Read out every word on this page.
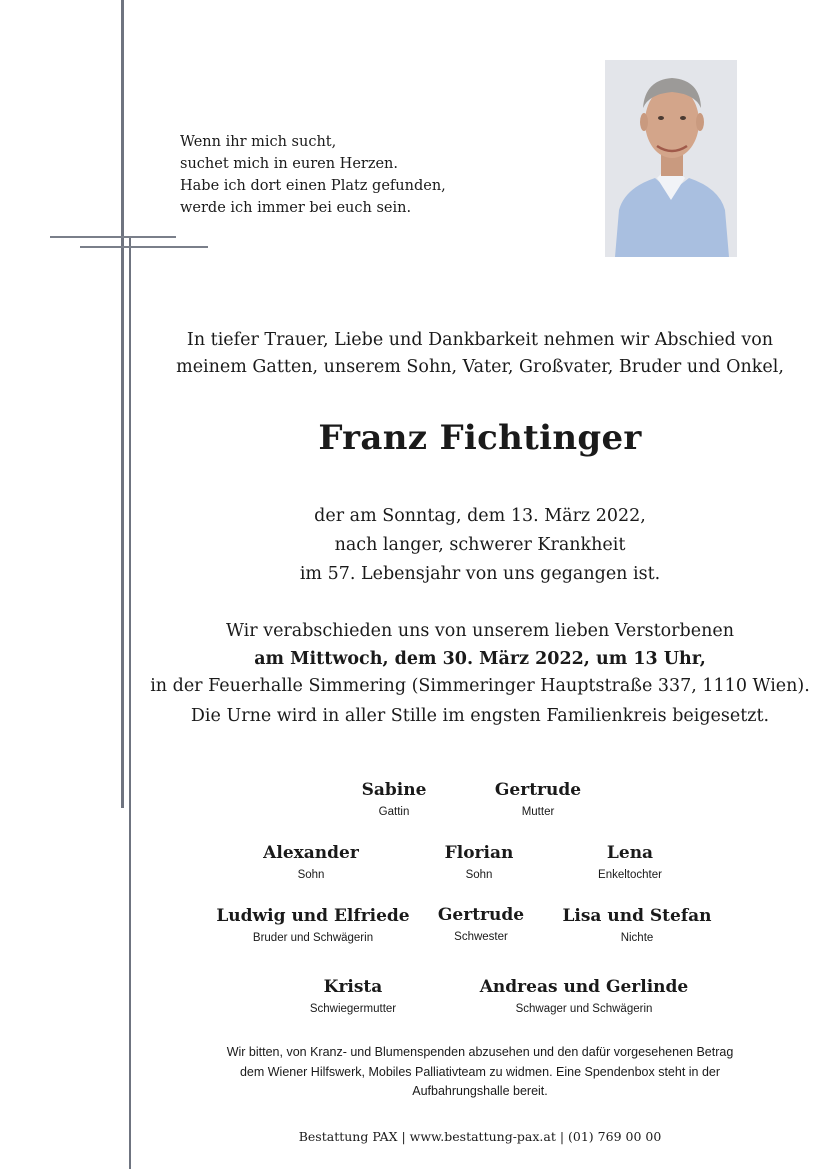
Wenn ihr mich sucht,
suchet mich in euren Herzen.
Habe ich dort einen Platz gefunden,
werde ich immer bei euch sein.
In tiefer Trauer, Liebe und Dankbarkeit nehmen wir Abschied von
meinem Gatten, unserem Sohn, Vater, Großvater, Bruder und Onkel,
Franz Fichtinger
der am Sonntag, dem 13. März 2022,
nach langer, schwerer Krankheit
im 57. Lebensjahr von uns gegangen ist.
Wir verabschieden uns von unserem lieben Verstorbenen
am Mittwoch, dem 30. März 2022, um 13 Uhr,
in der Feuerhalle Simmering (Simmeringer Hauptstraße 337, 1110 Wien).
Die Urne wird in aller Stille im engsten Familienkreis beigesetzt.
Sabine
Gattin
Gertrude
Mutter
Alexander
Sohn
Florian
Sohn
Lena
Enkeltochter
Ludwig und Elfriede
Bruder und Schwägerin
Gertrude
Schwester
Lisa und Stefan
Nichte
Krista
Schwiegermutter
Andreas und Gerlinde
Schwager und Schwägerin
Wir bitten, von Kranz- und Blumenspenden abzusehen und den dafür vorgesehenen Betrag
dem Wiener Hilfswerk, Mobiles Palliativteam zu widmen. Eine Spendenbox steht in der
Aufbahrungshalle bereit.
Bestattung PAX | www.bestattung-pax.at | (01) 769 00 00
